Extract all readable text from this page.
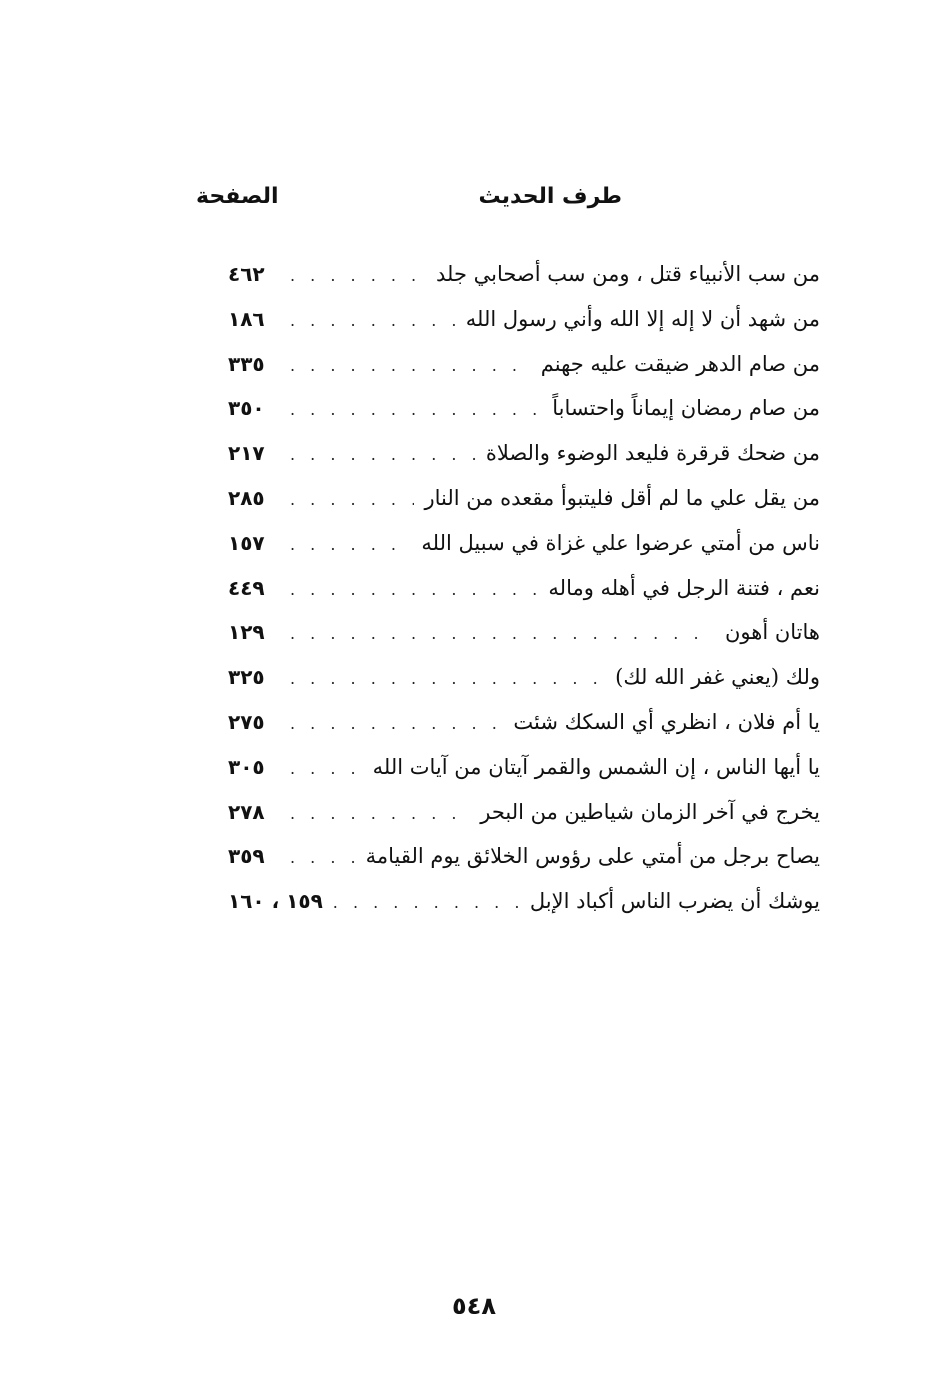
طرف الحديث
الصفحة
من سب الأنبياء قتل ، ومن سب أصحابي جلد
. . .
٤٦٢
من شهد أن لا إله إلا الله وأني رسول الله
. . .
١٨٦
من صام الدهر ضيقت عليه جهنم
. . .
٣٣٥
من صام رمضان إيماناً واحتساباً
. . .
٣٥٠
من ضحك قرقرة فليعد الوضوء والصلاة
. . .
٢١٧
من يقل علي ما لم أقل فليتبوأ مقعده من النار
. . .
٢٨٥
ناس من أمتي عرضوا علي غزاة في سبيل الله
. . .
١٥٧
نعم ، فتنة الرجل في أهله وماله
. . .
٤٤٩
هاتان أهون
. . .
١٢٩
ولك (يعني غفر الله لك)
. . .
٣٢٥
يا أم فلان ، انظري أي السكك شئت
. . .
٢٧٥
يا أيها الناس ، إن الشمس والقمر آيتان من آيات الله
. . .
٣٠٥
يخرج في آخر الزمان شياطين من البحر
. . .
٢٧٨
يصاح برجل من أمتي على رؤوس الخلائق يوم القيامة
. . .
٣٥٩
يوشك أن يضرب الناس أكباد الإبل
. . .
١٥٩ ، ١٦٠
٥٤٨
